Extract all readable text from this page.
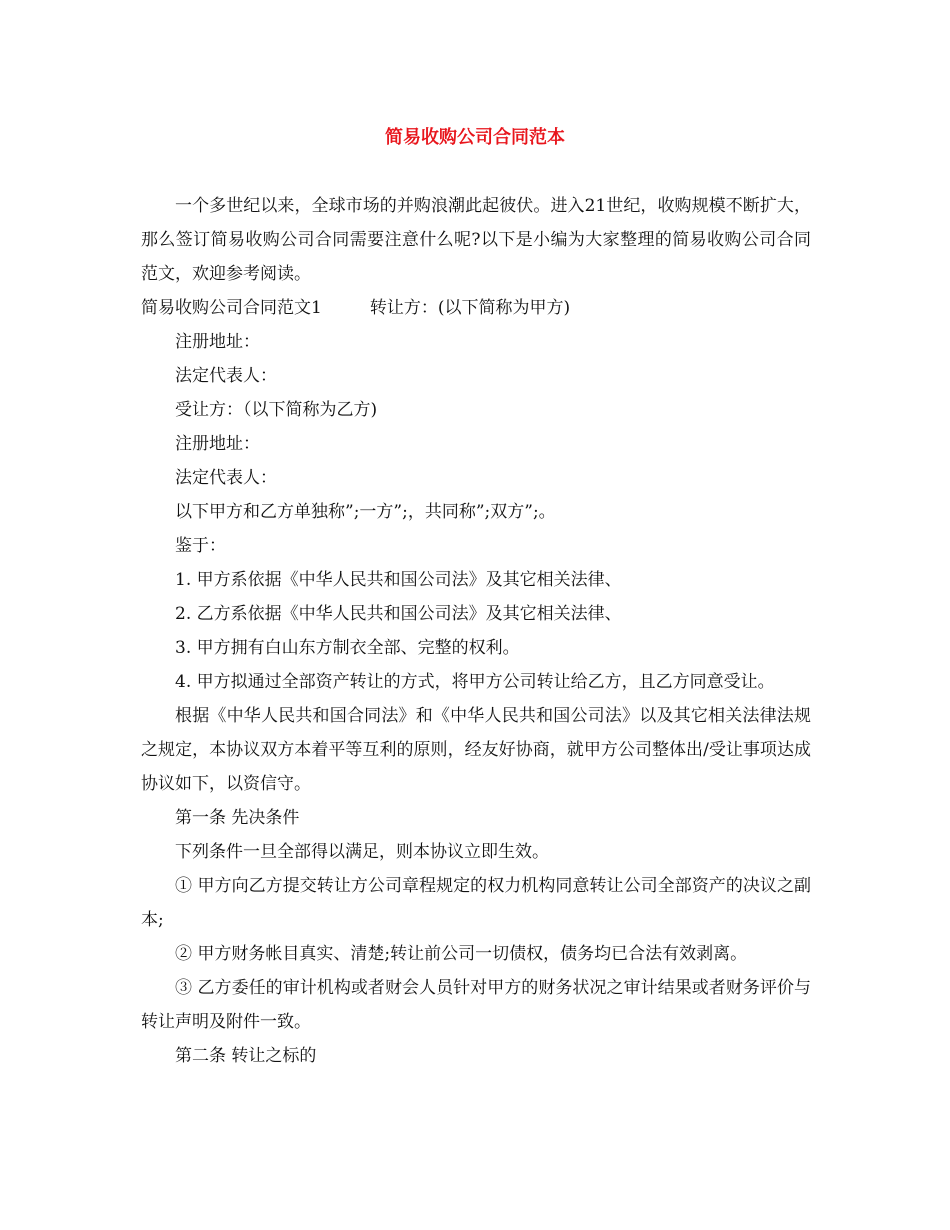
简易收购公司合同范本

一个多世纪以来，全球市场的并购浪潮此起彼伏。进入21世纪，收购规模不断扩大，那么签订简易收购公司合同需要注意什么呢?以下是小编为大家整理的简易收购公司合同范文，欢迎参考阅读。

简易收购公司合同范文1	转让方：(以下简称为甲方)

注册地址：

法定代表人：

受让方：（以下简称为乙方)

注册地址：

法定代表人：

以下甲方和乙方单独称”;一方”;，共同称”;双方”;。

鉴于：

1. 甲方系依据《中华人民共和国公司法》及其它相关法律、

2. 乙方系依据《中华人民共和国公司法》及其它相关法律、

3. 甲方拥有白山东方制衣全部、完整的权利。

4. 甲方拟通过全部资产转让的方式，将甲方公司转让给乙方，且乙方同意受让。

根据《中华人民共和国合同法》和《中华人民共和国公司法》以及其它相关法律法规之规定，本协议双方本着平等互利的原则，经友好协商，就甲方公司整体出/受让事项达成协议如下，以资信守。

第一条 先决条件

下列条件一旦全部得以满足，则本协议立即生效。

① 甲方向乙方提交转让方公司章程规定的权力机构同意转让公司全部资产的决议之副本;

② 甲方财务帐目真实、清楚;转让前公司一切债权，债务均已合法有效剥离。

③ 乙方委任的审计机构或者财会人员针对甲方的财务状况之审计结果或者财务评价与转让声明及附件一致。

第二条 转让之标的
